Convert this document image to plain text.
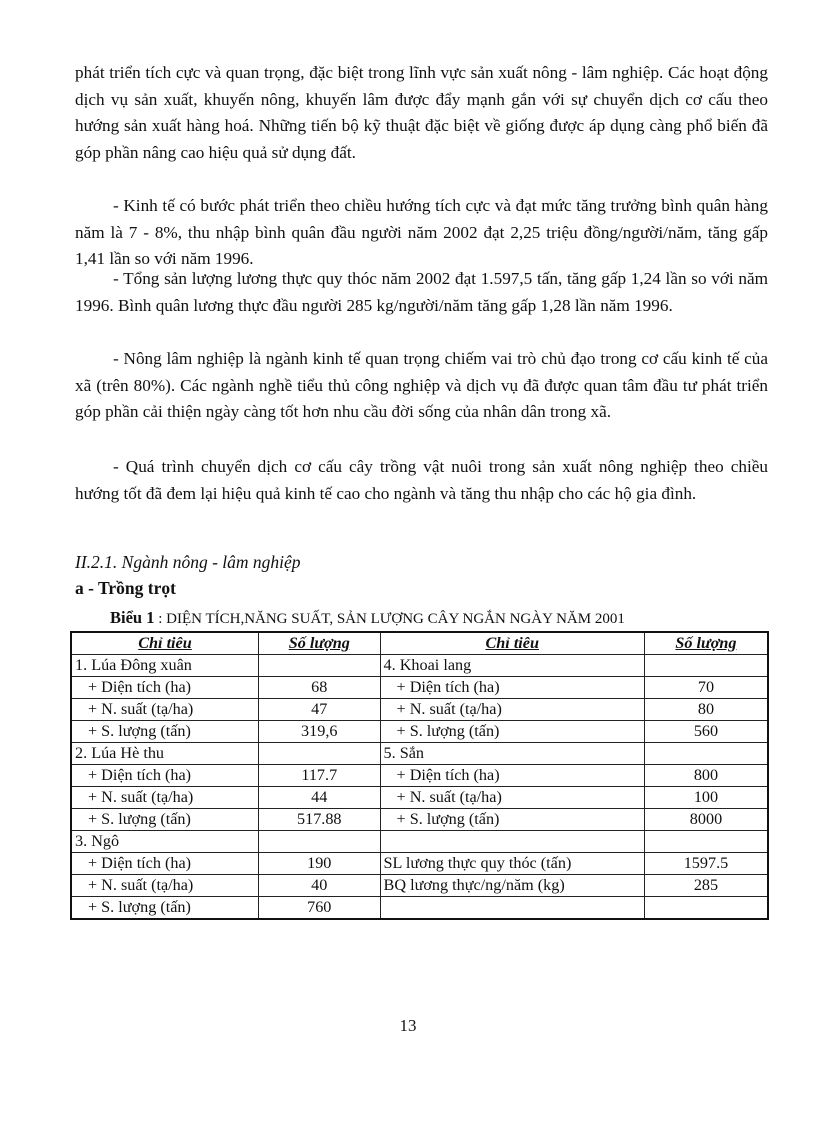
phát triển tích cực và quan trọng, đặc biệt trong lĩnh vực sản xuất nông - lâm nghiệp. Các hoạt động dịch vụ sản xuất, khuyến nông, khuyến lâm được đẩy mạnh gắn với sự chuyển dịch cơ cấu theo hướng sản xuất hàng hoá. Những tiến bộ kỹ thuật đặc biệt về giống được áp dụng càng phổ biến đã góp phần nâng cao hiệu quả sử dụng đất.

- Kinh tế có bước phát triển theo chiều hướng tích cực và đạt mức tăng trưởng bình quân hàng năm là 7 - 8%, thu nhập bình quân đầu người năm 2002 đạt 2,25 triệu đồng/người/năm, tăng gấp 1,41 lần so với năm 1996.

- Tổng sản lượng lương thực quy thóc năm 2002 đạt 1.597,5 tấn, tăng gấp 1,24 lần so với năm 1996. Bình quân lương thực đầu người 285 kg/người/năm tăng gấp 1,28 lần năm 1996.

- Nông lâm nghiệp là ngành kinh tế quan trọng chiếm vai trò chủ đạo trong cơ cấu kinh tế của xã (trên 80%). Các ngành nghề tiểu thủ công nghiệp và dịch vụ đã được quan tâm đầu tư phát triển góp phần cải thiện ngày càng tốt hơn nhu cầu đời sống của nhân dân trong xã.

- Quá trình chuyển dịch cơ cấu cây trồng vật nuôi trong sản xuất nông nghiệp theo chiều hướng tốt đã đem lại hiệu quả kinh tế cao cho ngành và tăng thu nhập cho các hộ gia đình.

II.2.1. Ngành nông - lâm nghiệp

a - Trồng trọt

Biểu 1 : DIỆN TÍCH,NĂNG SUẤT, SẢN LƯỢNG CÂY NGẮN NGÀY NĂM 2001

Chỉ tiêu	Số lượng	Chỉ tiêu	Số lượng
1. Lúa Đông xuân		4. Khoai lang	
+ Diện tích (ha)	68	+ Diện tích (ha)	70
+ N. suất (tạ/ha)	47	+ N. suất (tạ/ha)	80
+ S. lượng (tấn)	319,6	+ S. lượng (tấn)	560
2. Lúa Hè thu		5. Sắn	
+ Diện tích (ha)	117.7	+ Diện tích (ha)	800
+ N. suất (tạ/ha)	44	+ N. suất (tạ/ha)	100
+ S. lượng (tấn)	517.88	+ S. lượng (tấn)	8000
3. Ngô			
+ Diện tích (ha)	190	SL lương thực quy thóc (tấn)	1597.5
+ N. suất (tạ/ha)	40	BQ lương thực/ng/năm (kg)	285
+ S. lượng (tấn)	760		

13
